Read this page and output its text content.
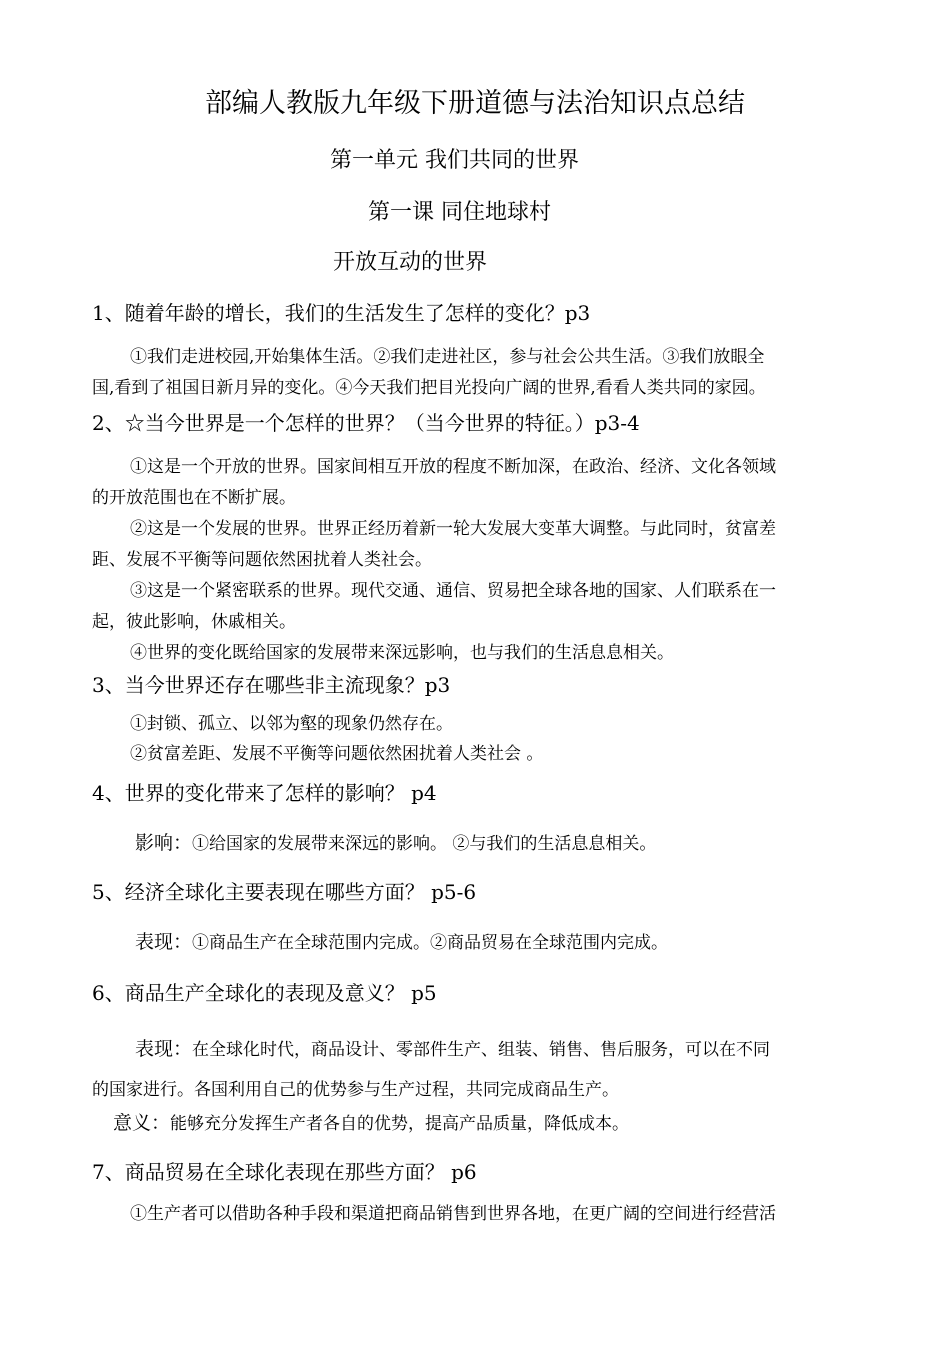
部编人教版九年级下册道德与法治知识点总结
第一单元 我们共同的世界
第一课 同住地球村
开放互动的世界
1、随着年龄的增长，我们的生活发生了怎样的变化？p3
①我们走进校园,开始集体生活。②我们走进社区，参与社会公共生活。③我们放眼全
国,看到了祖国日新月异的变化。④今天我们把目光投向广阔的世界,看看人类共同的家园。
2、☆当今世界是一个怎样的世界？（当今世界的特征。）p3-4
①这是一个开放的世界。国家间相互开放的程度不断加深，在政治、经济、文化各领域
的开放范围也在不断扩展。
②这是一个发展的世界。世界正经历着新一轮大发展大变革大调整。与此同时，贫富差
距、发展不平衡等问题依然困扰着人类社会。
③这是一个紧密联系的世界。现代交通、通信、贸易把全球各地的国家、人们联系在一
起，彼此影响，休戚相关。
④世界的变化既给国家的发展带来深远影响，也与我们的生活息息相关。
3、当今世界还存在哪些非主流现象？p3
①封锁、孤立、以邻为壑的现象仍然存在。
②贫富差距、发展不平衡等问题依然困扰着人类社会 。
4、世界的变化带来了怎样的影响？ p4
影响：①给国家的发展带来深远的影响。 ②与我们的生活息息相关。
5、经济全球化主要表现在哪些方面？ p5-6
表现：①商品生产在全球范围内完成。②商品贸易在全球范围内完成。
6、商品生产全球化的表现及意义？ p5
表现：在全球化时代，商品设计、零部件生产、组装、销售、售后服务，可以在不同
的国家进行。各国利用自己的优势参与生产过程，共同完成商品生产。
意义：能够充分发挥生产者各自的优势，提高产品质量，降低成本。
7、商品贸易在全球化表现在那些方面？ p6
①生产者可以借助各种手段和渠道把商品销售到世界各地，在更广阔的空间进行经营活
